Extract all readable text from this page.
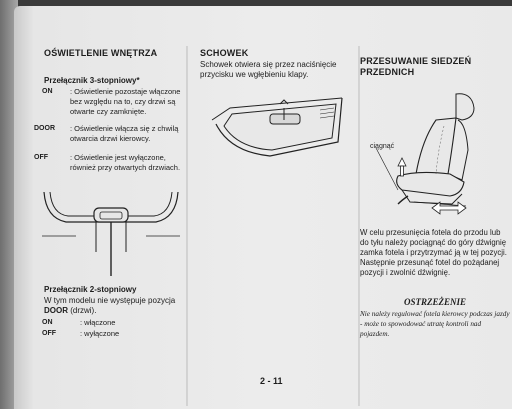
OŚWIETLENIE WNĘTRZA
Przełącznik 3-stopniowy*
ON : Oświetlenie pozostaje włączone bez względu na to, czy drzwi są otwarte czy zamknięte.
DOOR : Oświetlenie włącza się z chwilą otwarcia drzwi kierowcy.
OFF	: Oświetlenie jest wyłączone, również przy otwartych drzwiach.
Przełącznik 2-stopniowy
W tym modelu nie występuje pozycja
DOOR (drzwi).
ON	: włączone
OFF	: wyłączone
SCHOWEK
Schowek otwiera się przez naciśnięcie przycisku we wgłębieniu klapy.
PRZESUWANIE SIEDZEŃ
PRZEDNICH
ciągnąć
W celu przesunięcia fotela do przodu lub do tyłu należy pociągnąć do góry dźwignię zamka fotela i przytrzymać ją w tej pozycji. Następnie przesunąć fotel do pożądanej pozycji i zwolnić dźwignię.
OSTRZEŻENIE
Nie należy regulować fotela kierowcy podczas jazdy - może to spowodować utratę kontroli nad pojazdem.
2 - 11
